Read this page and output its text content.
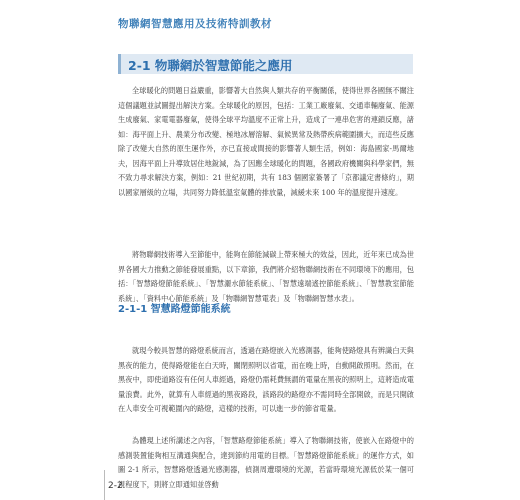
物聯網智慧應用及技術特訓教材
2-1 物聯網於智慧節能之應用

全球暖化的問題日益嚴重，影響著大自然與人類共存的平衡關係，使得世界各國無不關注這個議題並試圖提出解決方案。全球暖化的原因，包括：工業工廠廢氣、交通車輛廢氣、能源生成廢氣、家電電器廢氣，使得全球平均溫度不正常上升，造成了一連串危害的連鎖反應，諸如：海平面上升、農業分布改變、極地冰層溶解、氣候異常及熱帶疾病範圍擴大，而這些反應除了改變大自然的原生運作外，亦已直接或間接的影響著人類生活，例如：海島國家-馬爾地夫，因海平面上升導致居住地銳減，為了因應全球暖化的問題，各國政府機關與科學家們，無不致力尋求解決方案，例如：21 世紀初期，共有 183 個國家簽署了「京都議定書條約」，期以國家層級的立場，共同努力降低溫室氣體的排放量，減緩未來 100 年的溫度提升速度。

將物聯網技術導入至節能中，能夠在節能減碳上帶來極大的效益，因此，近年來已成為世界各國大力推動之節能發展重點，以下章節，我們將介紹物聯網技術在不同環境下的應用，包括：「智慧路燈節能系統」、「智慧灑水節能系統」、「智慧遠端遙控節能系統」、「智慧教室節能系統」、「資料中心節能系統」及「物聯網智慧電表」及「物聯網智慧水表」。

2-1-1 智慧路燈節能系統

就現今較具智慧的路燈系統而言，透過在路燈嵌入光感測器，能夠使路燈具有辨識白天與黑夜的能力，使得路燈能在白天時，關閉照明以省電，而在晚上時，自動開啟照明。然而，在黑夜中，即使道路沒有任何人車經過，路燈仍需耗費無謂的電量在黑夜的照明上，這將造成電量浪費。此外，就算有人車經過的黑夜路段，該路段的路燈亦不需同時全部開啟，而是只開啟在人車安全可視範圍內的路燈，這樣的技術，可以進一步的節省電量。

為體現上述所講述之內容，「智慧路燈節能系統」導入了物聯網技術，使嵌入在路燈中的感測裝置能夠相互溝通與配合，達到節約用電的目標。「智慧路燈節能系統」的運作方式，如圖 2-1 所示，智慧路燈透過光感測器，偵測周遭環境的光源，若當時環境光源低於某一個可視程度下，則將立即通知並啓動

2-2
